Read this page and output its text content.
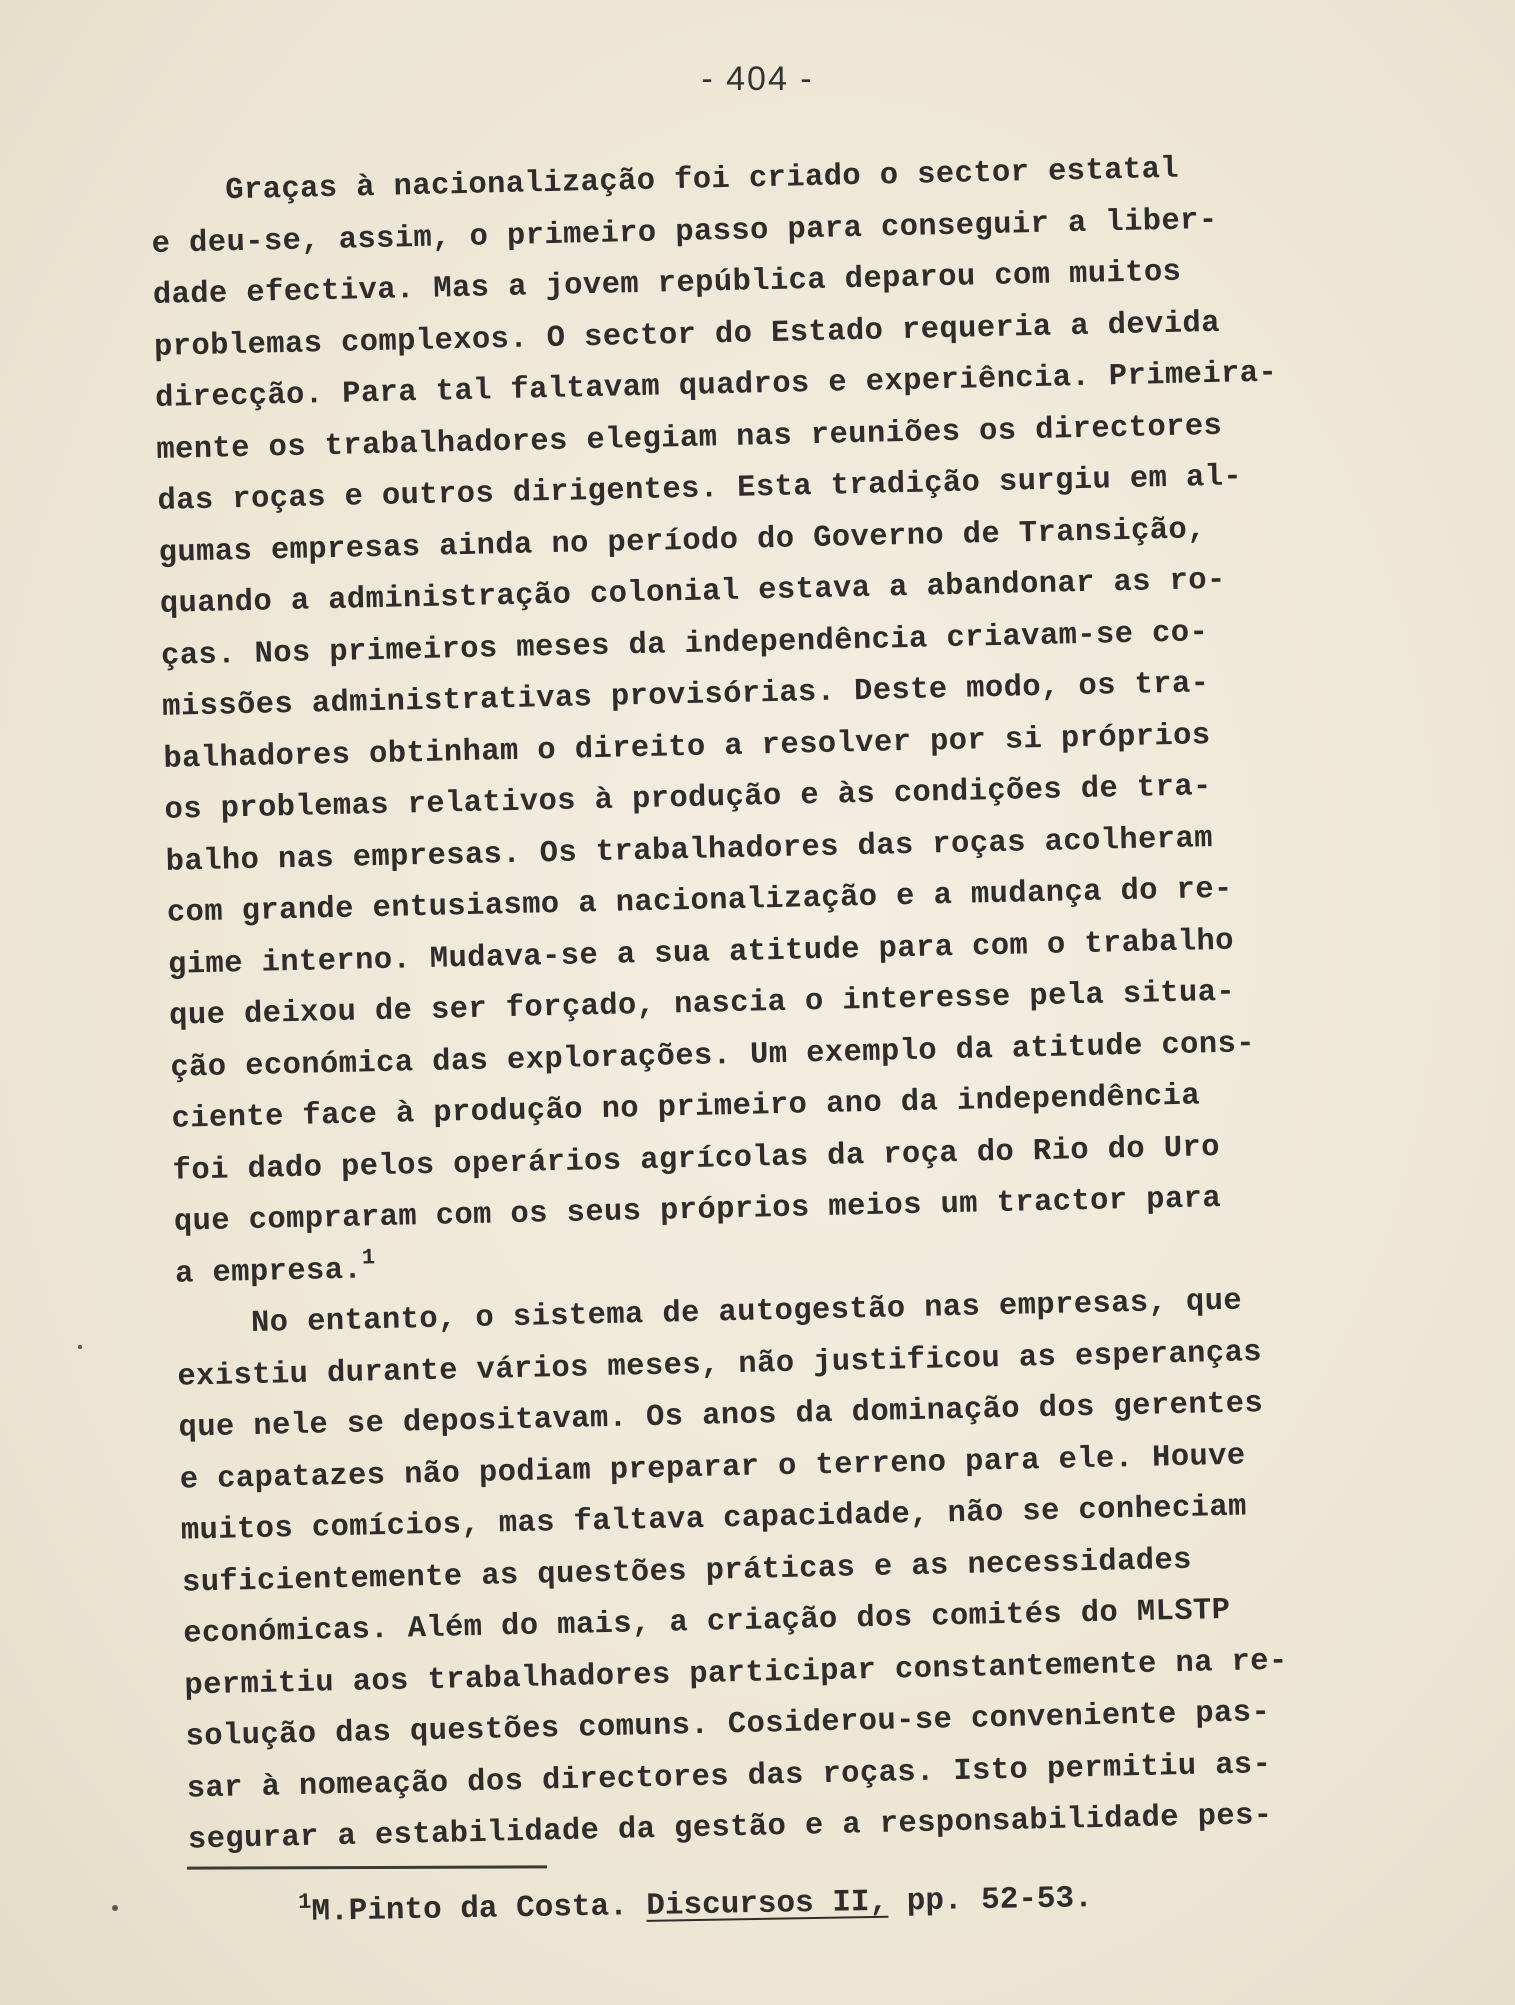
- 404 -
Graças à nacionalização foi criado o sector estatal
e deu-se, assim, o primeiro passo para conseguir a liber-
dade efectiva. Mas a jovem república deparou com muitos
problemas complexos. O sector do Estado requeria a devida
direcção. Para tal faltavam quadros e experiência. Primeira-
mente os trabalhadores elegiam nas reuniões os directores
das roças e outros dirigentes. Esta tradição surgiu em al-
gumas empresas ainda no período do Governo de Transição,
quando a administração colonial estava a abandonar as ro-
ças. Nos primeiros meses da independência criavam-se co-
missões administrativas provisórias. Deste modo, os tra-
balhadores obtinham o direito a resolver por si próprios
os problemas relativos à produção e às condições de tra-
balho nas empresas. Os trabalhadores das roças acolheram
com grande entusiasmo a nacionalização e a mudança do re-
gime interno. Mudava-se a sua atitude para com o trabalho
que deixou de ser forçado, nascia o interesse pela situa-
ção económica das explorações. Um exemplo da atitude cons-
ciente face à produção no primeiro ano da independência
foi dado pelos operários agrícolas da roça do Rio do Uro
que compraram com os seus próprios meios um tractor para
a empresa.$^1$
No entanto, o sistema de autogestão nas empresas, que
existiu durante vários meses, não justificou as esperanças
que nele se depositavam. Os anos da dominação dos gerentes
e capatazes não podiam preparar o terreno para ele. Houve
muitos comícios, mas faltava capacidade, não se conheciam
suficientemente as questões práticas e as necessidades
económicas. Além do mais, a criação dos comités do MLSTP
permitiu aos trabalhadores participar constantemente na re-
solução das questões comuns. Cosiderou-se conveniente pas-
sar à nomeação dos directores das roças. Isto permitiu as-
segurar a estabilidade da gestão e a responsabilidade pes-
$^1$M.Pinto da Costa. Discursos II, pp. 52-53.
